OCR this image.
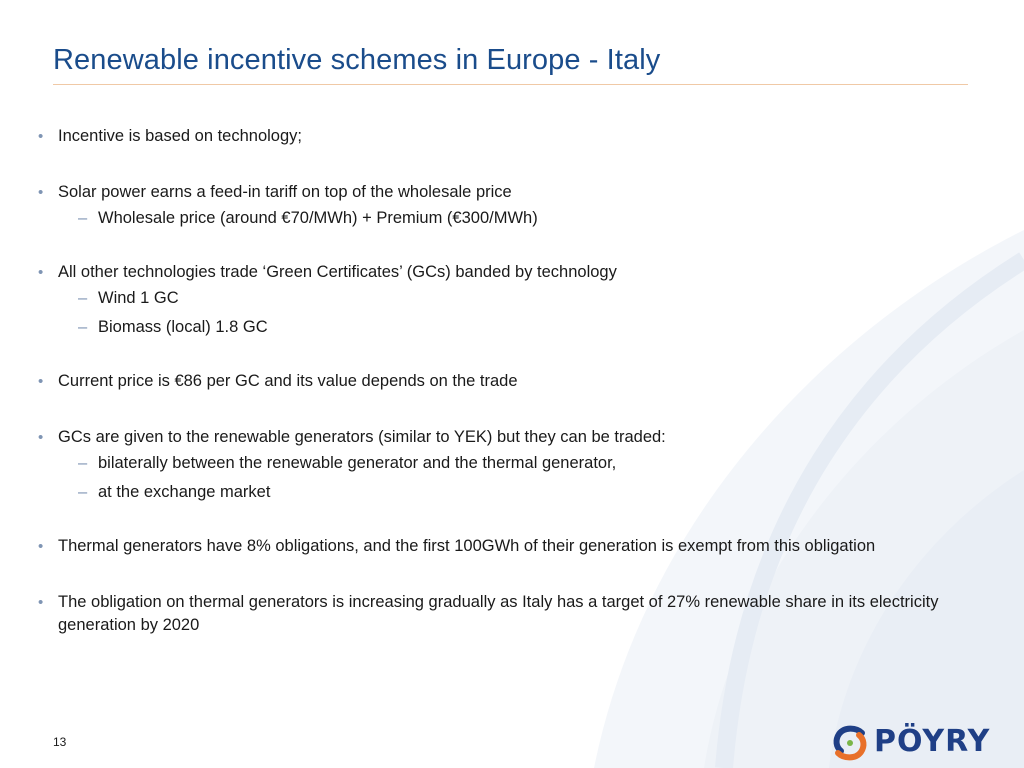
Renewable incentive schemes in Europe - Italy
• Incentive is based on technology;
• Solar power earns a feed-in tariff on top of the wholesale price
– Wholesale price (around €70/MWh) + Premium (€300/MWh)
• All other technologies trade ‘Green Certificates’ (GCs) banded by technology
– Wind 1 GC
– Biomass (local) 1.8 GC
• Current price is €86 per GC and its value depends on the trade
• GCs are given to the renewable generators (similar to YEK) but they can be traded:
– bilaterally between the renewable generator and the thermal generator,
– at the exchange market
• Thermal generators have 8% obligations, and the first 100GWh of their generation is exempt from this obligation
• The obligation on thermal generators is increasing gradually as Italy has a target of 27% renewable share in its electricity generation by 2020
13	PÖYRY
